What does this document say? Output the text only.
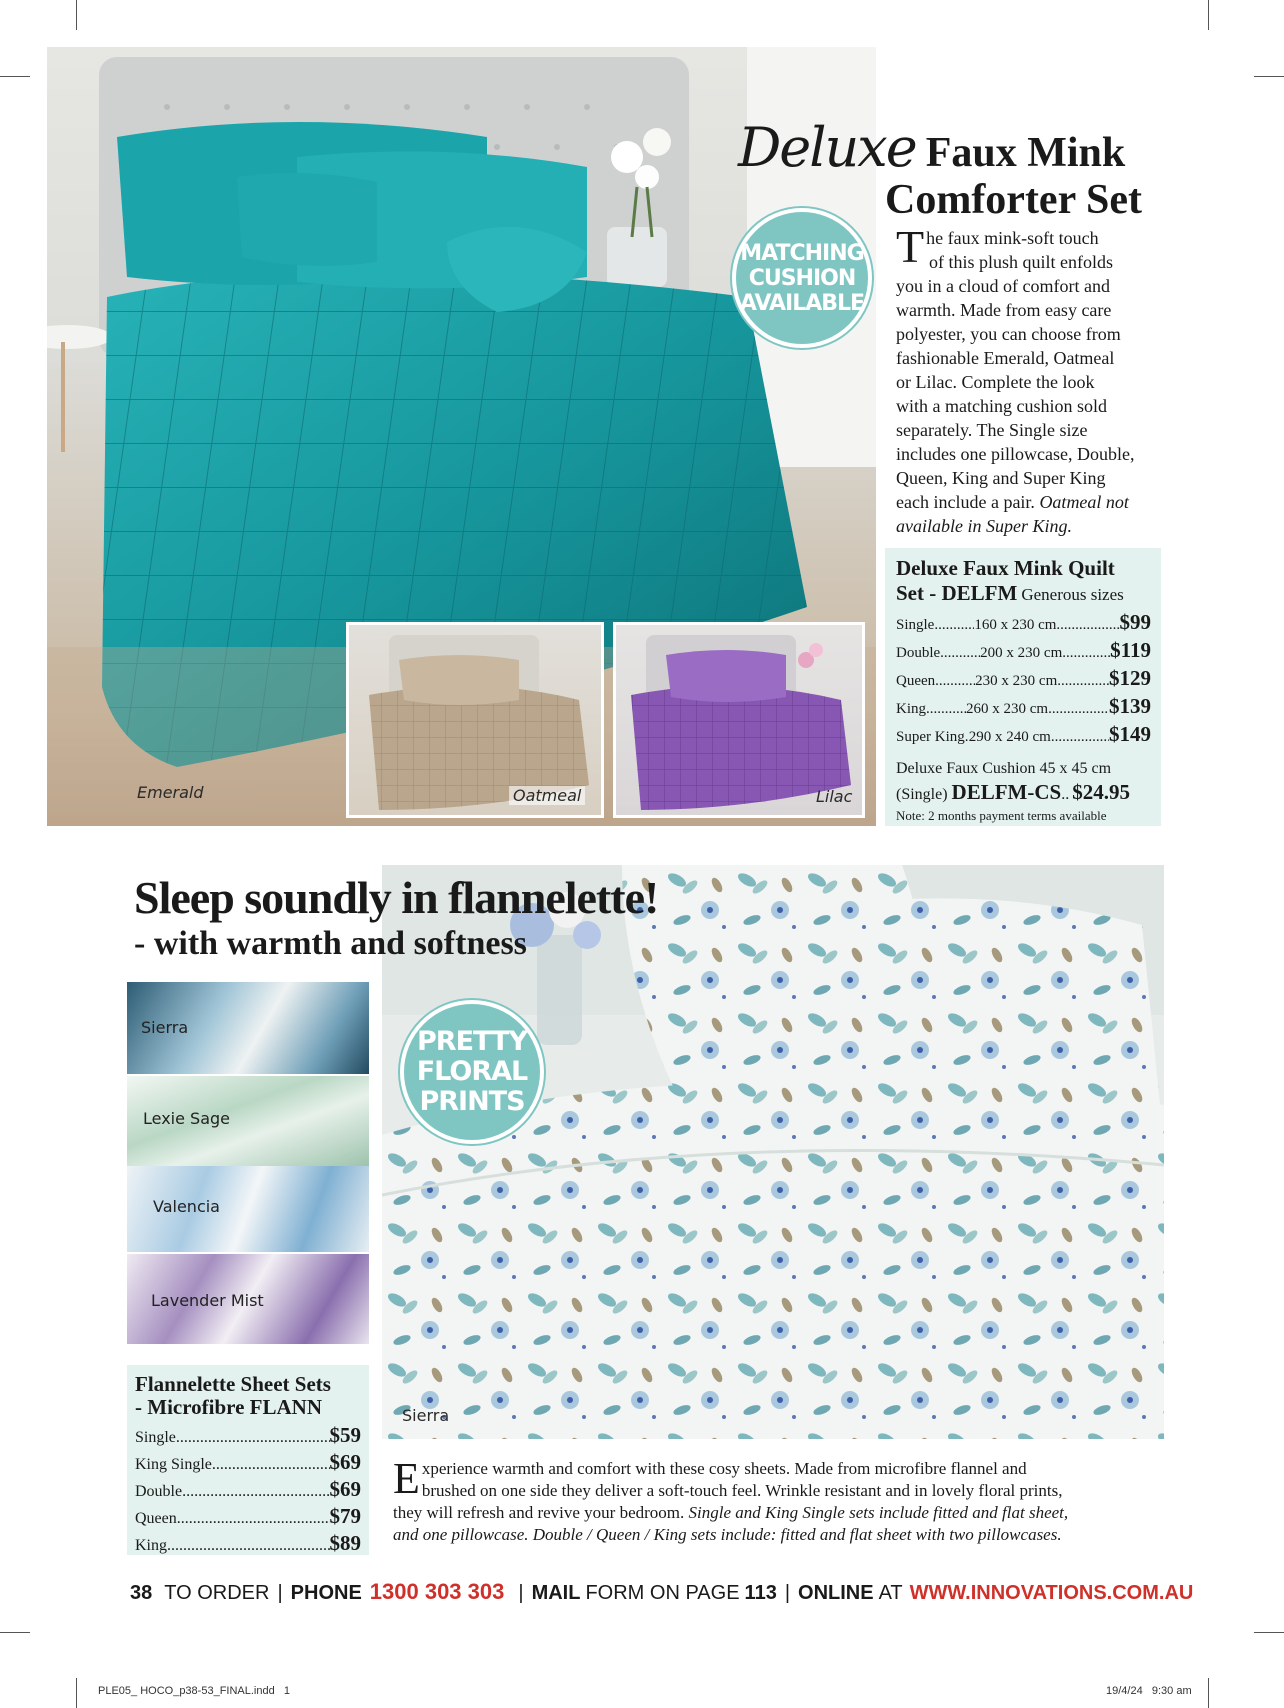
Emerald	Oatmeal	Lilac
MATCHING
CUSHION
AVAILABLE
Deluxe Faux Mink
Comforter Set
T he faux mink-soft touch
of this plush quilt enfolds
you in a cloud of comfort and
warmth. Made from easy care
polyester, you can choose from
fashionable Emerald, Oatmeal
or Lilac. Complete the look
with a matching cushion sold
separately. The Single size
includes one pillowcase, Double,
Queen, King and Super King
each include a pair. Oatmeal not
available in Super King.
Deluxe Faux Mink Quilt
Set - DELFM Generous sizes
Single .....	160 x 230 cm .....	$99
Double .....	200 x 230 cm ..... $119
Queen .....	230 x 230 cm ..... $129
King .....	260 x 230 cm .....	$139
Super King ..... 290 x 240 cm .....	$149
Deluxe Faux Cushion 45 x 45 cm
(Single) DELFM-CS .. $24.95
Note: 2 months payment terms available
Sierra
Sleep soundly in flannelette!
- with warmth and softness
PRETTY
FLORAL
PRINTS
Sierra
Lexie Sage
Valencia
Lavender Mist
Flannelette Sheet Sets
- Microfibre FLANN
Single .....	$59
King Single .....	$69
Double .....	$69
Queen .....	$79
King .....	$89
E xperience warmth and comfort with these cosy sheets. Made from microfibre flannel and
brushed on one side they deliver a soft-touch feel. Wrinkle resistant and in lovely floral prints,
they will refresh and revive your bedroom. Single and King Single sets include fitted and flat sheet,
and one pillowcase. Double / Queen / King sets include: fitted and flat sheet with two pillowcases.
38 TO ORDER | PHONE 1300 303 303 | MAIL FORM ON PAGE 113 | ONLINE AT WWW.INNOVATIONS.COM.AU
PLE05_ HOCO_p38-53_FINAL.indd   1	19/4/24   9:30 am
